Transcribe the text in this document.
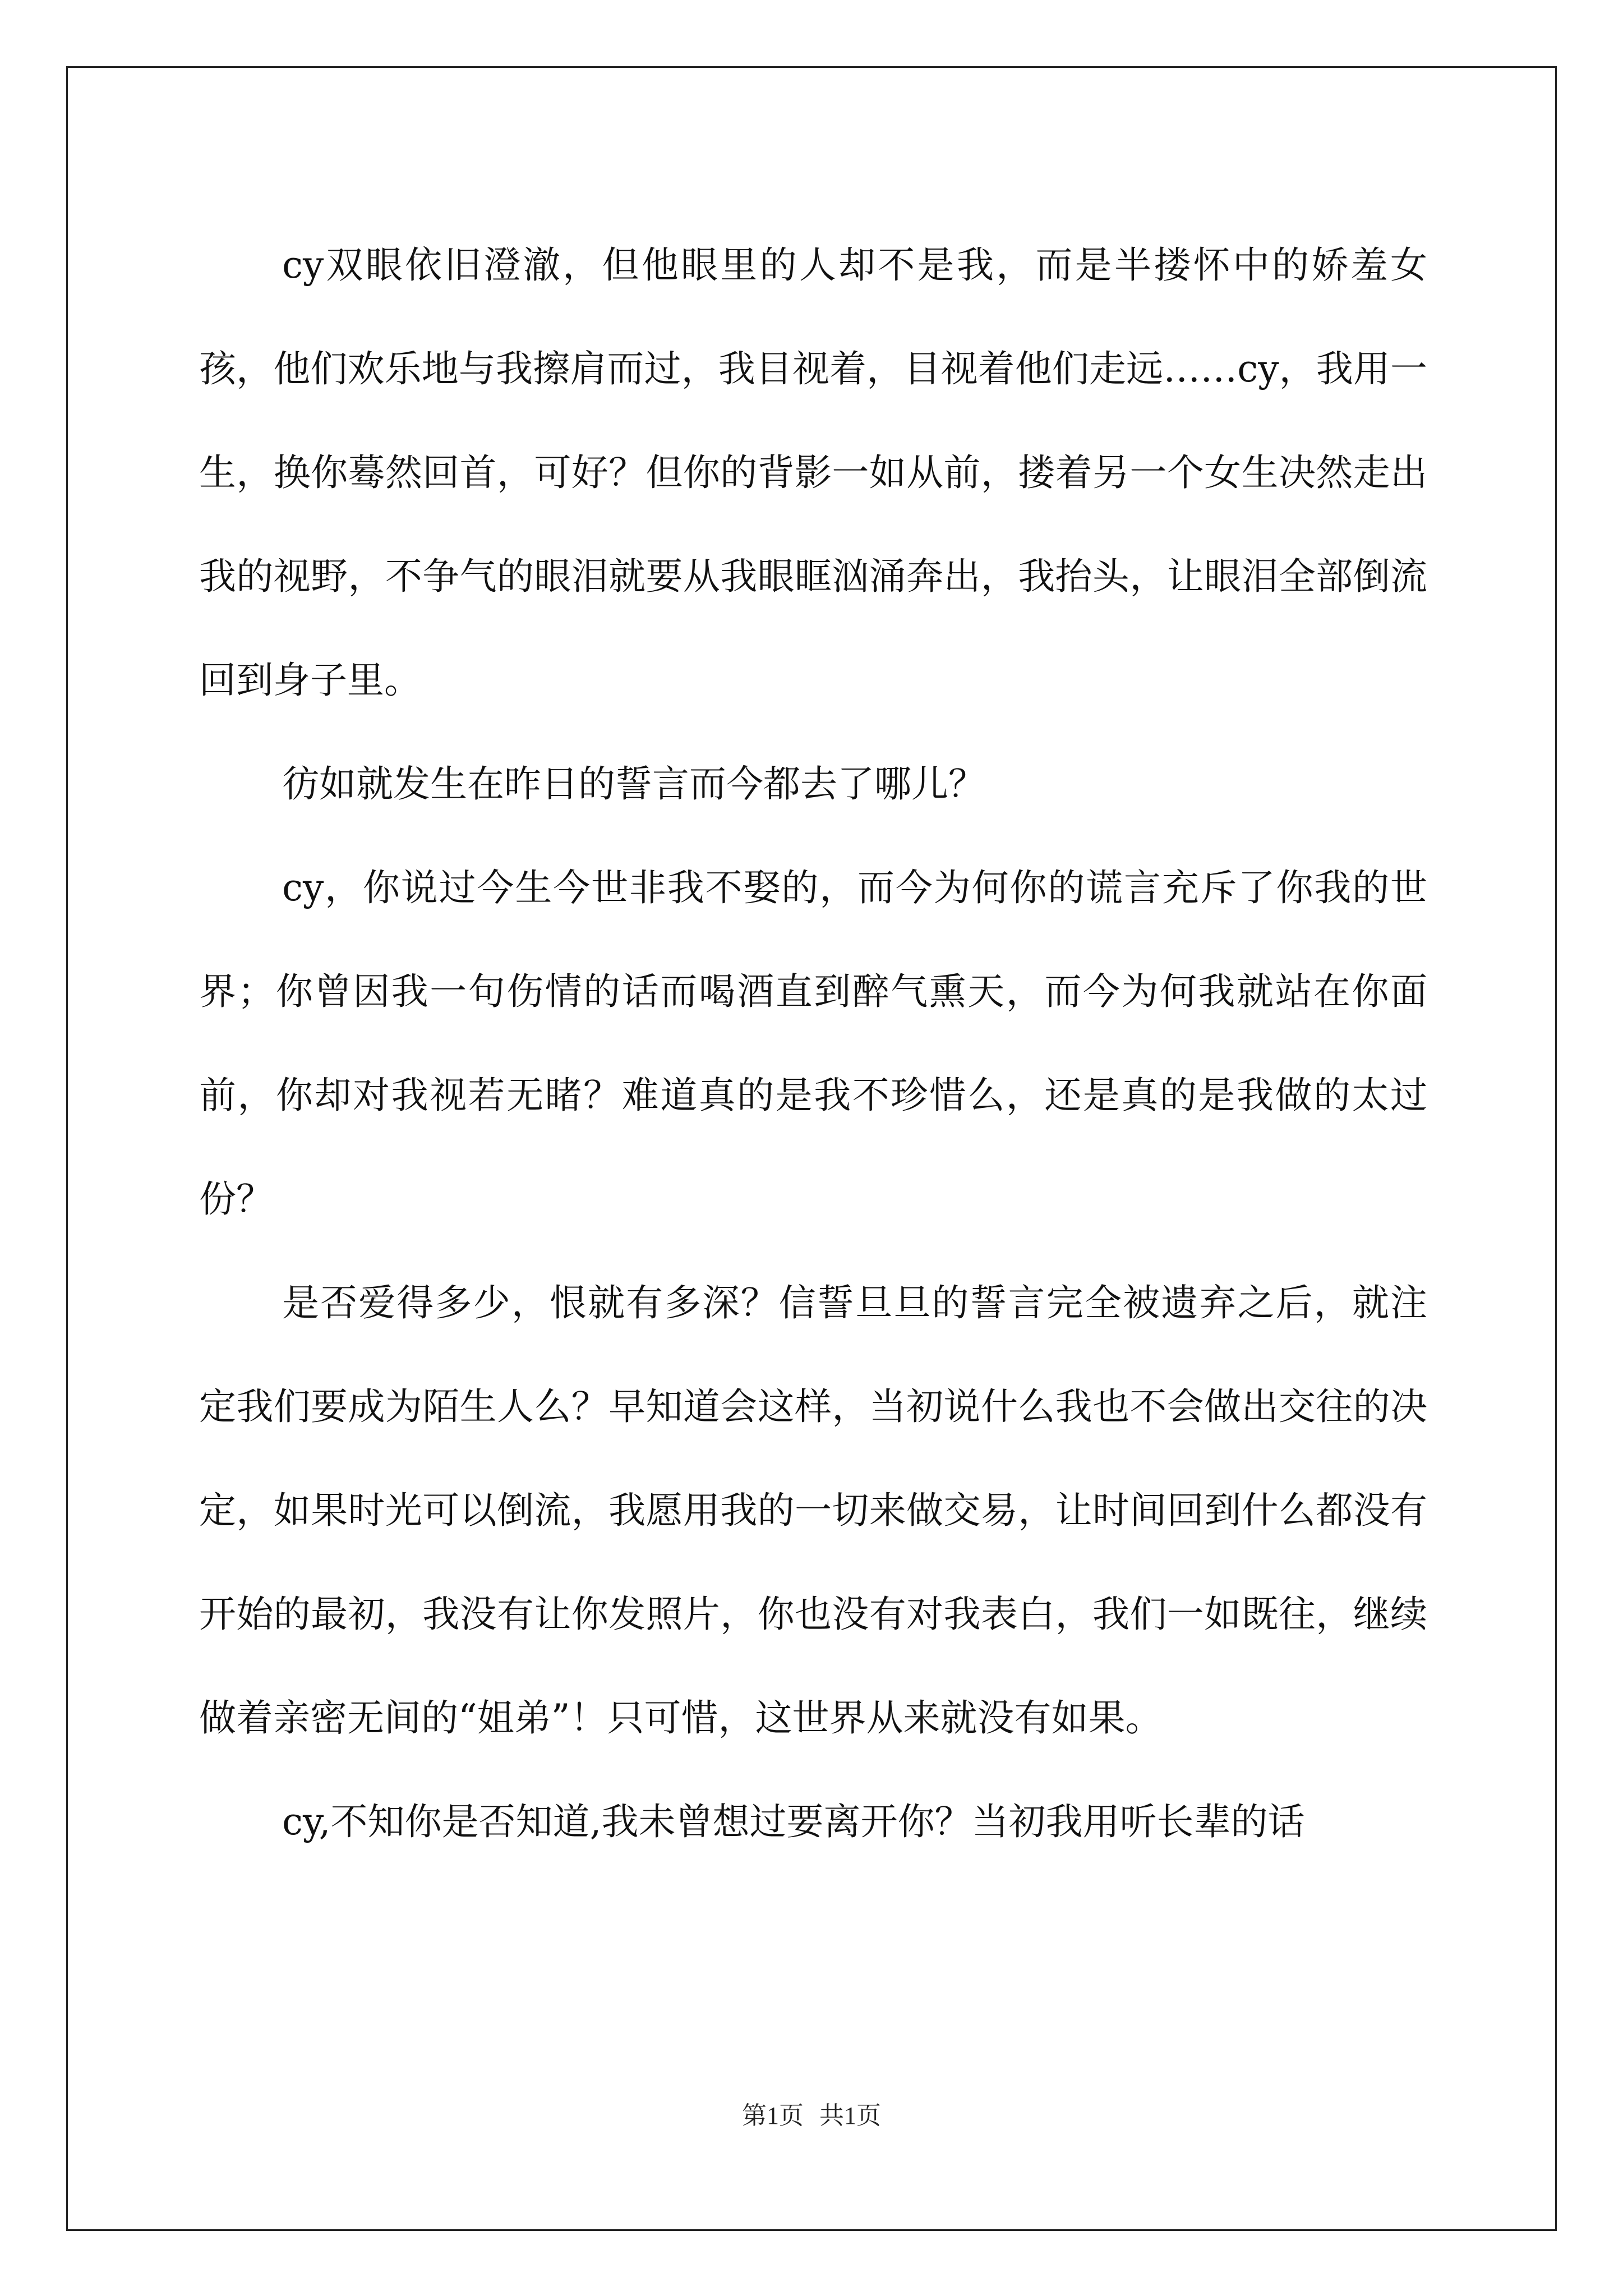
cy双眼依旧澄澈，但他眼里的人却不是我，而是半搂怀中的娇羞女孩，他们欢乐地与我擦肩而过，我目视着，目视着他们走远……cy，我用一生，换你蓦然回首，可好？但你的背影一如从前，搂着另一个女生决然走出我的视野，不争气的眼泪就要从我眼眶汹涌奔出，我抬头，让眼泪全部倒流回到身子里。

彷如就发生在昨日的誓言而今都去了哪儿？

cy，你说过今生今世非我不娶的，而今为何你的谎言充斥了你我的世界；你曾因我一句伤情的话而喝酒直到醉气熏天，而今为何我就站在你面前，你却对我视若无睹？难道真的是我不珍惜么，还是真的是我做的太过份？

是否爱得多少，恨就有多深？信誓旦旦的誓言完全被遗弃之后，就注定我们要成为陌生人么？早知道会这样，当初说什么我也不会做出交往的决定，如果时光可以倒流，我愿用我的一切来做交易，让时间回到什么都没有开始的最初，我没有让你发照片，你也没有对我表白，我们一如既往，继续做着亲密无间的“姐弟”！只可惜，这世界从来就没有如果。

cy,不知你是否知道,我未曾想过要离开你？当初我用听长辈的话

第1页 共1页
